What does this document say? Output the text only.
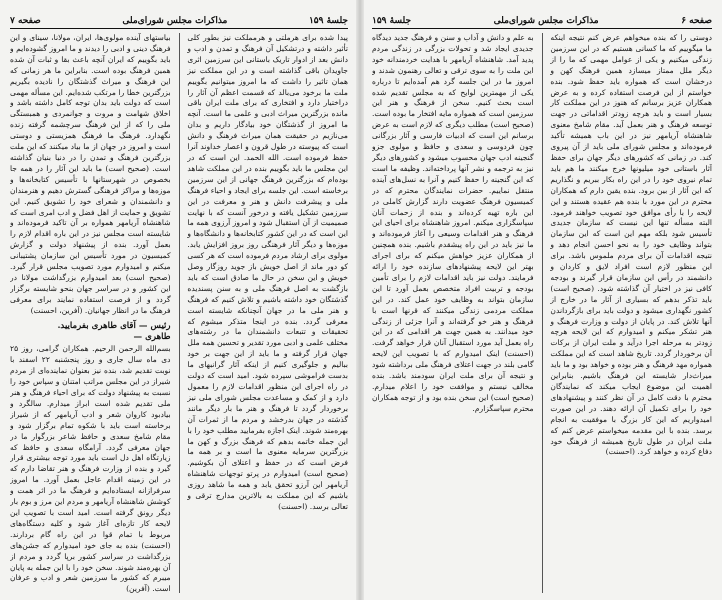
جلسهٔ ۱۵۹
مذاکرات مجلس شورای‌ملی
صفحه ۷

پیدا شده برای هرملتی و هرمملکت نیز بطور کلی تأثیر داشته و درتشکیل آن فرهنگ و تمدن و ادب و دانش بعد از ادوار تاریک باستانی این سرزمین اثری جاویدان باقی گذاشته است و در این مملکت نیز همان تاثیر را داشت که ما امروز میتوانیم بگوییم ملت ما برخود می‌بالد که قسمت اعظم آن آثار را دراختیار دارد و افتخاری که برای ملت ایران باقی مانده بزرگترین میراث ادبی و علمی ما است. آنچه ما امروز از گذشتگان خود بیادگار داریم و بدان می‌نازیم در حقیقت همان میراث فرهنگ و دانش است که پیوسته در طول قرون و اعصار خداوند آنرا حفظ فرموده است. الله الحمد. این است که در این مجلس ما باید بگوییم بنده در این مملکت شاهد بوده‌ام که بزرگترین فرهنگ جهانی از این سرزمین برخاسته است. این جلسه برای ایجاد و احیاء فرهنگ ملی و پیشرفت دانش و هنر و معرفت در این سرزمین تشکیل یافته و درخور آنست که با نهایت صمیمیت از آن استقبال شود و امروز آرزوی همه ما این است که در این کشور کتابخانه‌ها و دانشگاه‌ها و موزه‌ها و دیگر آثار فرهنگی روز بروز افزایش یابد. مولوی برای ارشاد مردم فرموده است که هر کسی کو دور ماند از اصل خویش باز جوید روزگار وصل خویش و این سخن در حال ما صادق است که باید بازگشت به اصل فرهنگ ملی و به سنن پسندیده گذشتگان خود داشته باشیم و تلاش کنیم که فرهنگ و هنر ملی ما در جهان آنچنانکه شایسته است معرفی گردد. بنده در اینجا متذکر میشوم که تحقیقات و تتبعات دانشمندان ما در رشته‌های مختلف علمی و ادبی مورد تقدیر و تحسین همه ملل جهان قرار گرفته و ما باید از این جهت بر خود ببالیم و جلوگیری کنیم از اینکه آثار گرانبهای ما بدست فراموشی سپرده شود. امید است که دولت در راه اجرای این منظور اقدامات لازم را معمول دارد و از کمک و مساعدت مجلس شورای ملی نیز برخوردار گردد تا فرهنگ و هنر ما بار دیگر مانند گذشته در جهان بدرخشد و مردم ما از ثمرات آن بهره‌مند شوند. اینک اجازه بفرمایید مطلب خود را با این جمله خاتمه بدهم که فرهنگ بزرگ و کهن ما بزرگترین سرمایه معنوی ما است و بر همه ما فرض است که در حفظ و اعتلای آن بکوشیم. (صحیح است) امیدوارم در پرتو توجهات شاهنشاه آریامهر این آرزو تحقق یابد و همه ما شاهد روزی باشیم که این مملکت به بالاترین مدارج ترقی و تعالی برسد. (احسنت)

بیاستهای آینده مولوی‌ها، ایران، مولانا، سینای و این فرهنگ دینی و ادبی را دیدند و ما امروز گشوده‌ایم و باید بگوییم که ایران آنچه باعث بقا و ثبات آن شده همین فرهنگ بوده است. بنابراین ما هر زمانی که این فرهنگ و میراث گذشتگان را نادیده بگیریم بزرگترین خطا را مرتکب شده‌ایم. این مسأله مهمی است که دولت باید بدان توجه کامل داشته باشد و اخلاق شهامت و مروت و جوانمردی و همبستگی ملی را که از این فرهنگ سرچشمه گرفته زنده نگهدارد. فرهنگ ما فرهنگ همزیستی و دوستی است و امروز در جهان از ما بیاد میکنند که این ملت بزرگترین فرهنگ و تمدن را در دنیا بنیان گذاشته است. (صحیح است) ما باید این آثار را در همه جا بخصوص در شهرستانها با تأسیس کتابخانه‌ها و موزه‌ها و مراکز فرهنگی گسترش دهیم و هنرمندان و دانشمندان و شعرای خود را تشویق کنیم. این تشویق و حمایت از اهل فضل و ادب امری است که شاهنشاه آریامهر همواره بر آن تاکید فرموده‌اند و شایسته است مجلس نیز در این باره اقدام لازم را بعمل آورد. بنده از پیشنهاد دولت و گزارش کمیسیون در مورد تأسیس این سازمان پشتیبانی میکنم و امیدوارم مورد تصویب مجلس قرار گیرد. (صحیح است) بعد امیدوارم بزرگداشت مولانا در این کشور و در سراسر جهان بنحو شایسته برگزار گردد و از فرصت استفاده نمایند برای معرفی فرهنگ ما در انظار جهانیان. (آفرین، احسنت)

رئیس — آقای طاهری بفرمایید.
طاهری —

بسم‌الله الرحمن الرحیم. همکاران گرامی، روز ۲۵ دی ماه سال جاری و روز پنجشنبه ۲۲ اسفند با نوبت تقدیم شد، بنده نیز بعنوان نماینده‌ای از مردم شیراز در این مجلس مراتب امتنان و سپاس خود را نسبت به پیشنهاد دولت که برای احیاء فرهنگ و هنر ملی تقدیم شده است ابراز میدارم. سالگرد و بیادبود کاروان شعر و ادب آریامهر که از شیراز برخاسته است باید با شکوه تمام برگزار شود و مقام شامخ سعدی و حافظ شاعر بزرگوار ما در جهان معرفی گردد. آرامگاه سعدی و حافظ که زیارتگاه اهل دل است باید مورد توجه بیشتری قرار گیرد و بنده از وزارت فرهنگ و هنر تقاضا دارم که در این زمینه اقدام عاجل بعمل آورد. ما امروز سرفرازانه ایستاده‌ایم و فرهنگ ما در اثر همت و کوشش شاهنشاه آریامهر و مردم این مرز و بوم بار دیگر رونق گرفته است. امید است با تصویب این لایحه کار تازه‌ای آغاز شود و کلیه دستگاه‌های مربوط با تمام قوا در این راه گام بردارند. (احسنت) بنده به جای خود امیدوارم که جشن‌های بزرگداشت در سراسر کشور برپا گردد و مردم از آن بهره‌مند شوند. سخن خود را با این جمله به پایان میبرم که کشور ما سرزمین شعر و ادب و عرفان است. (آفرین)

صفحه ۶
مذاکرات مجلس شورای‌ملی
جلسهٔ ۱۵۹

دوستی را که بنده میخواهم عرض کنم نتیجه اینکه ما میگوییم که ما کسانی هستیم که در این سرزمین زندگی میکنیم و یکی از عوامل مهمی که ما را از دیگر ملل ممتاز میسازد همین فرهنگ کهن و درخشان است که همواره باید حفظ شود. بنده خواستم از این فرصت استفاده کرده و به عرض همکاران عزیز برسانم که هنوز در این مملکت کار بسیار است و باید هرچه زودتر اقداماتی در جهت توسعه فرهنگ و هنر بعمل آید. مقام شامخ معنوی شاهنشاه آریامهر نیز در این باب همیشه تأکید فرموده‌اند و مجلس شورای ملی باید از آن پیروی کند. در زمانی که کشورهای دیگر جهان برای حفظ آثار باستانی خود میلیونها خرج میکنند ما هم باید تمام نیروی خود را در این راه بکار ببریم و نگذاریم که این آثار از بین برود. بنده یقین دارم که همکاران محترم در این مورد با بنده هم عقیده هستند و این لایحه را با رأی موافق خود تصویب خواهند فرمود. البته مسأله تنها این نیست که سازمان جدیدی تأسیس شود بلکه مهم این است که این سازمان بتواند وظایف خود را به نحو احسن انجام دهد و نتیجه اقدامات آن برای مردم ملموس باشد. برای این منظور لازم است افراد لایق و کاردان و دانشمند در رأس این سازمان قرار گیرند و بودجه کافی نیز در اختیار آن گذاشته شود. (صحیح است) باید تذکر بدهم که بسیاری از آثار ما در خارج از کشور نگهداری میشود و دولت باید برای بازگرداندن آنها تلاش کند. در پایان از دولت و وزارت فرهنگ و هنر تشکر میکنم و امیدوارم که این لایحه هرچه زودتر به مرحله اجرا درآید و ملت ایران از برکات آن برخوردار گردد. تاریخ شاهد است که این مملکت همواره مهد فرهنگ و هنر بوده و خواهد بود و ما باید میراث‌دار شایسته این فرهنگ باشیم. بنابراین اهمیت این موضوع ایجاب میکند که نمایندگان محترم با دقت کامل در آن نظر کنند و پیشنهادهای خود را برای تکمیل آن ارائه دهند. در این صورت امیدواریم که این کار بزرگ با موفقیت به انجام برسد. بنده با این مقدمه میخواستم عرض کنم که ملت ایران در طول تاریخ همیشه از فرهنگ خود دفاع کرده و خواهد کرد. (احسنت)

به علم و دانش و آداب و سنن و فرهنگ جدید دیدگاه جدیدی ایجاد شد و تحولات بزرگی در زندگی مردم پدید آمد. شاهنشاه آریامهر با هدایت خردمندانه خود این ملت را به سوی ترقی و تعالی رهنمون شدند و امروز ما در این جلسه گرد هم آمده‌ایم تا درباره یکی از مهمترین لوایح که به مجلس تقدیم شده است بحث کنیم. سخن از فرهنگ و هنر این سرزمین است که همواره مایه افتخار ما بوده است. (صحیح است) مطلب دیگری که لازم است به عرض برسانم این است که ادبیات فارسی و آثار بزرگانی چون فردوسی و سعدی و حافظ و مولوی جزو گنجینه ادب جهان محسوب میشود و کشورهای دیگر نیز به ترجمه و نشر آنها پرداخته‌اند. وظیفه ما است که این گنجینه را حفظ کنیم و آنرا به نسل‌های آینده منتقل نماییم. حضرات نمایندگان محترم که در کمیسیون فرهنگ عضویت دارند گزارش کاملی در این باره تهیه کرده‌اند و بنده از زحمات آنان سپاسگزاری میکنم. امروز شاهنشاه برای احیای این فرهنگ و هنر اقدامات وسیعی را آغاز فرموده‌اند و ما نیز باید در این راه پیشقدم باشیم. بنده همچنین از همکاران عزیز خواهش میکنم که برای اجرای بهتر این لایحه پیشنهادهای سازنده خود را ارائه فرمایند. دولت نیز باید اقدامات لازم را برای تأمین بودجه و تربیت افراد متخصص بعمل آورد تا این سازمان بتواند به وظایف خود عمل کند. در این مملکت مردمی زندگی میکنند که قرنها است با فرهنگ و هنر خو گرفته‌اند و آنرا جزئی از زندگی خود میدانند. به همین جهت هر اقدامی که در این راه بعمل آید مورد استقبال آنان قرار خواهد گرفت. (احسنت) اینک امیدوارم که با تصویب این لایحه گامی بلند در جهت اعتلای فرهنگ ملی برداشته شود و نتیجه آن برای ملت ایران سودمند باشد. بنده مخالف نیستم و موافقت خود را اعلام میدارم. (صحیح است) این سخن بنده بود و از توجه همکاران محترم سپاسگزارم.
